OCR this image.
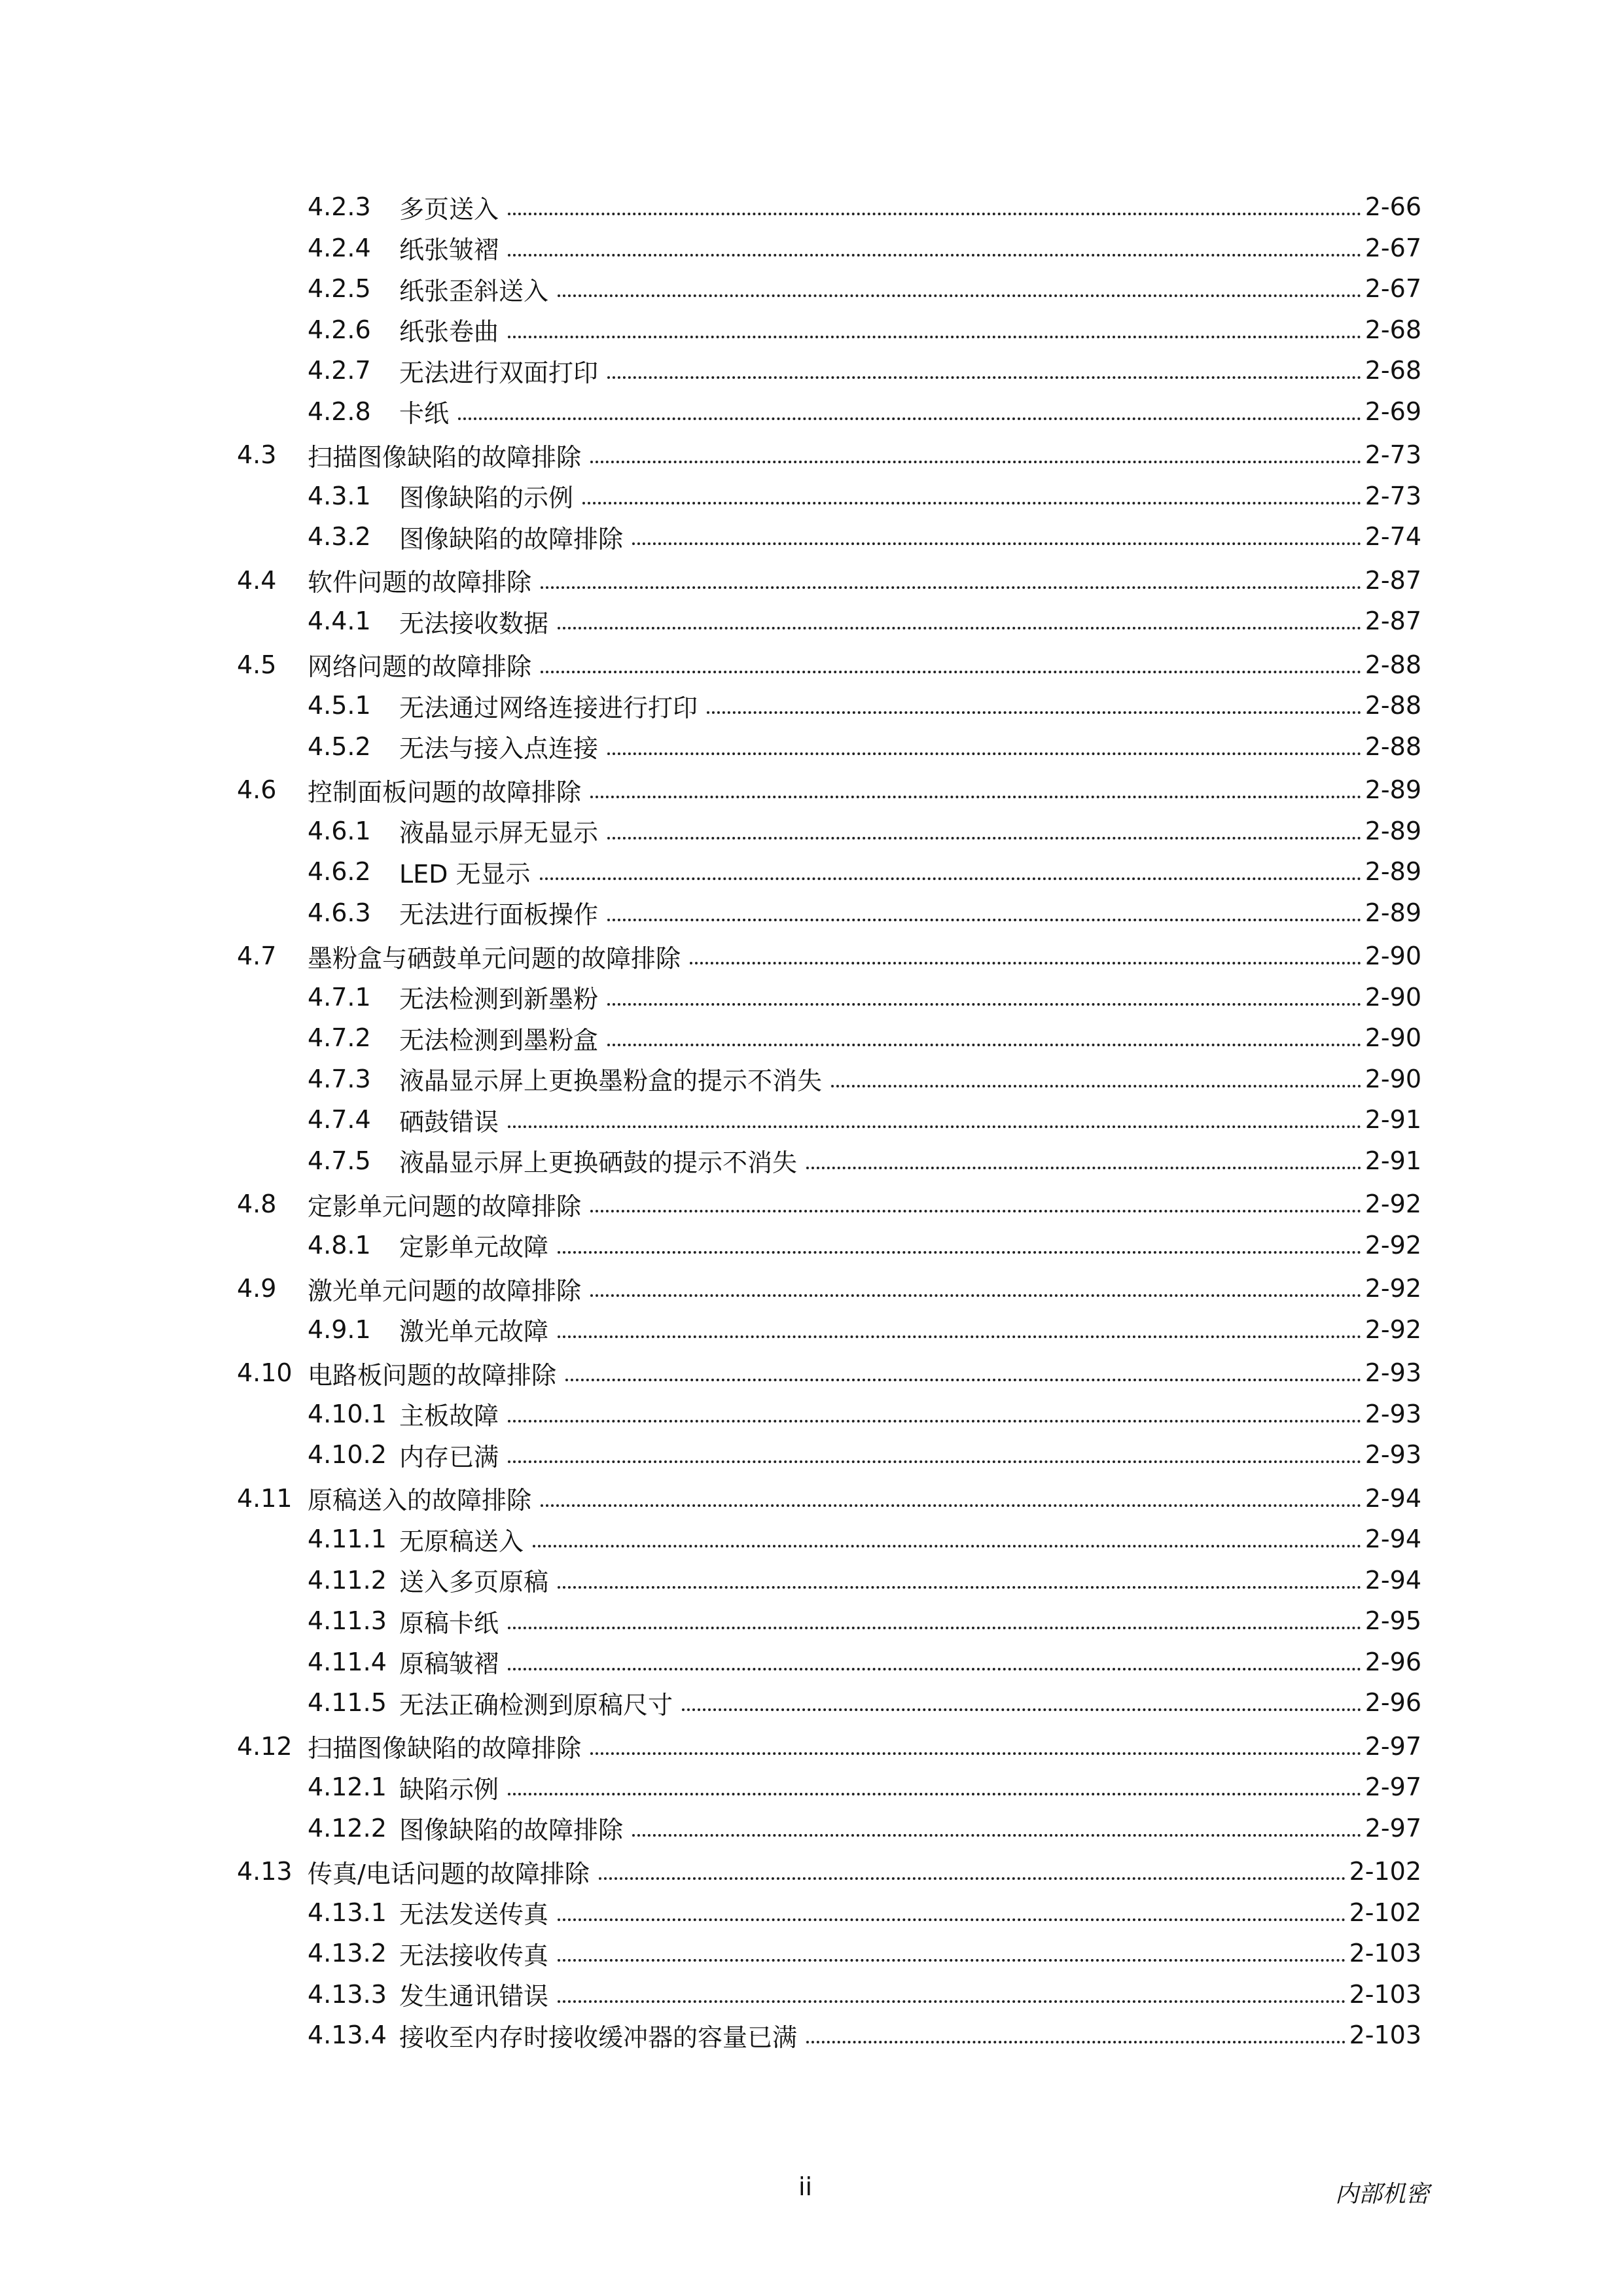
4.2.3	多页送入	2-66
4.2.4	纸张皱褶	2-67
4.2.5	纸张歪斜送入	2-67
4.2.6	纸张卷曲	2-68
4.2.7	无法进行双面打印	2-68
4.2.8	卡纸	2-69
4.3	扫描图像缺陷的故障排除	2-73
4.3.1	图像缺陷的示例	2-73
4.3.2	图像缺陷的故障排除	2-74
4.4	软件问题的故障排除	2-87
4.4.1	无法接收数据	2-87
4.5	网络问题的故障排除	2-88
4.5.1	无法通过网络连接进行打印	2-88
4.5.2	无法与接入点连接	2-88
4.6	控制面板问题的故障排除	2-89
4.6.1	液晶显示屏无显示	2-89
4.6.2	LED 无显示	2-89
4.6.3	无法进行面板操作	2-89
4.7	墨粉盒与硒鼓单元问题的故障排除	2-90
4.7.1	无法检测到新墨粉	2-90
4.7.2	无法检测到墨粉盒	2-90
4.7.3	液晶显示屏上更换墨粉盒的提示不消失	2-90
4.7.4	硒鼓错误	2-91
4.7.5	液晶显示屏上更换硒鼓的提示不消失	2-91
4.8	定影单元问题的故障排除	2-92
4.8.1	定影单元故障	2-92
4.9	激光单元问题的故障排除	2-92
4.9.1	激光单元故障	2-92
4.10 电路板问题的故障排除	2-93
4.10.1 主板故障	2-93
4.10.2 内存已满	2-93
4.11 原稿送入的故障排除	2-94
4.11.1 无原稿送入	2-94
4.11.2 送入多页原稿	2-94
4.11.3 原稿卡纸	2-95
4.11.4 原稿皱褶	2-96
4.11.5 无法正确检测到原稿尺寸	2-96
4.12 扫描图像缺陷的故障排除	2-97
4.12.1 缺陷示例	2-97
4.12.2 图像缺陷的故障排除	2-97
4.13 传真/电话问题的故障排除	2-102
4.13.1 无法发送传真	2-102
4.13.2 无法接收传真	2-103
4.13.3 发生通讯错误	2-103
4.13.4 接收至内存时接收缓冲器的容量已满	2-103
ii	内部机密
